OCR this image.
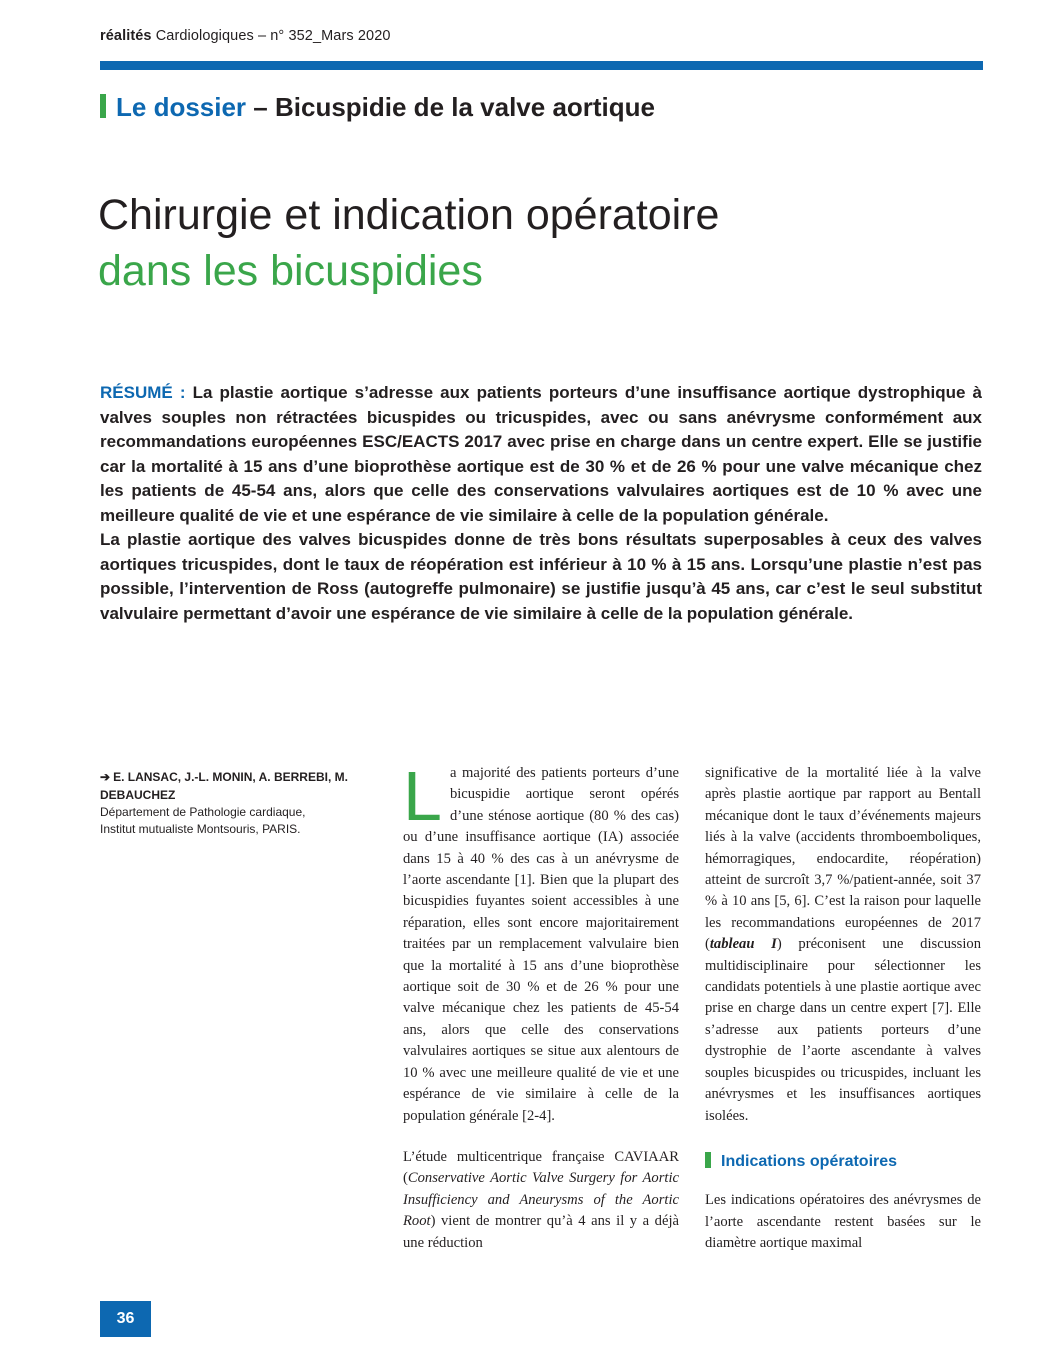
réalités Cardiologiques – n° 352_Mars 2020
Le dossier – Bicuspidie de la valve aortique
Chirurgie et indication opératoire
dans les bicuspidies

RÉSUMÉ : La plastie aortique s’adresse aux patients porteurs d’une insuffisance aortique dystrophique à valves souples non rétractées bicuspides ou tricuspides, avec ou sans anévrysme conformément aux recommandations européennes ESC/EACTS 2017 avec prise en charge dans un centre expert. Elle se justifie car la mortalité à 15 ans d’une bioprothèse aortique est de 30 % et de 26 % pour une valve mécanique chez les patients de 45-54 ans, alors que celle des conservations valvulaires aortiques est de 10 % avec une meilleure qualité de vie et une espérance de vie similaire à celle de la population générale.

La plastie aortique des valves bicuspides donne de très bons résultats superposables à ceux des valves aortiques tricuspides, dont le taux de réopération est inférieur à 10 % à 15 ans. Lorsqu’une plastie n’est pas possible, l’intervention de Ross (autogreffe pulmonaire) se justifie jusqu’à 45 ans, car c’est le seul substitut valvulaire permettant d’avoir une espérance de vie similaire à celle de la population générale.

➔ E. LANSAC, J.-L. MONIN, A. BERREBI, M. DEBAUCHEZ
Département de Pathologie cardiaque,
Institut mutualiste Montsouris, PARIS.	La majorité des patients porteurs d’une bicuspidie aortique seront opérés d’une sténose aortique (80 % des cas) ou d’une insuffisance aortique (IA) associée dans 15 à 40 % des cas à un anévrysme de l’aorte ascendante [1]. Bien que la plupart des bicuspidies fuyantes soient accessibles à une réparation, elles sont encore majoritairement traitées par un remplacement valvulaire bien que la mortalité à 15 ans d’une bioprothèse aortique soit de 30 % et de 26 % pour une valve mécanique chez les patients de 45-54 ans, alors que celle des conservations valvulaires aortiques se situe aux alentours de 10 % avec une meilleure qualité de vie et une espérance de vie similaire à celle de la population générale [2-4].

L’étude multicentrique française CAVIAAR (Conservative Aortic Valve Surgery for Aortic Insufficiency and Aneurysms of the Aortic Root) vient de montrer qu’à 4 ans il y a déjà une réduction

significative de la mortalité liée à la valve après plastie aortique par rapport au Bentall mécanique dont le taux d’événements majeurs liés à la valve (accidents thromboemboliques, hémorragiques, endocardite, réopération) atteint de surcroît 3,7 %/patient-année, soit 37 % à 10 ans [5, 6]. C’est la raison pour laquelle les recommandations européennes de 2017 (tableau I) préconisent une discussion multidisciplinaire pour sélectionner les candidats potentiels à une plastie aortique avec prise en charge dans un centre expert [7]. Elle s’adresse aux patients porteurs d’une dystrophie de l’aorte ascendante à valves souples bicuspides ou tricuspides, incluant les anévrysmes et les insuffisances aortiques isolées.

Indications opératoires

Les indications opératoires des anévrysmes de l’aorte ascendante restent basées sur le diamètre aortique maximal

36
